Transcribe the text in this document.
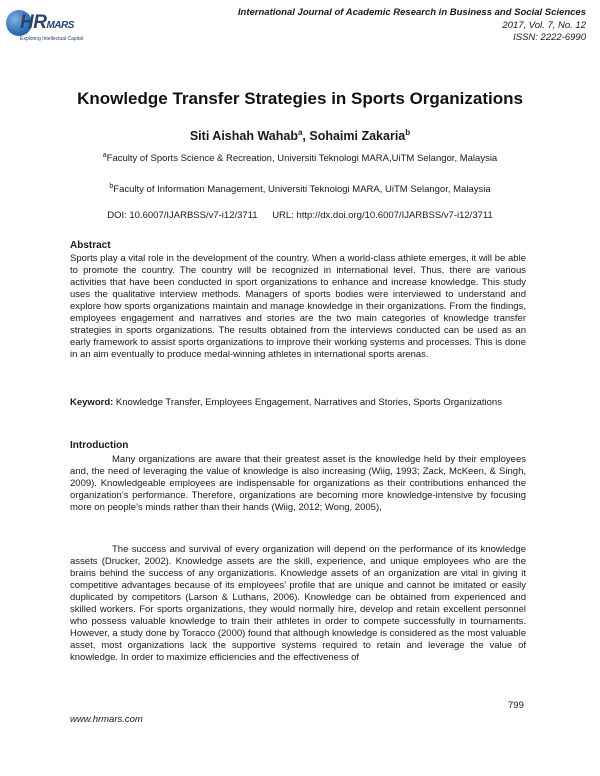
HRMARS
Exploring Intellectual Capital
International Journal of Academic Research in Business and Social Sciences
2017, Vol. 7, No. 12
ISSN: 2222-6990
Knowledge Transfer Strategies in Sports Organizations
Siti Aishah Wahab$^a$, Sohaimi Zakaria$^b$
$^a$Faculty of Sports Science & Recreation, Universiti Teknologi MARA,UiTM Selangor, Malaysia
$^b$Faculty of Information Management, Universiti Teknologi MARA, UiTM Selangor, Malaysia
DOI: 10.6007/IJARBSS/v7-i12/3711 URL: http://dx.doi.org/10.6007/IJARBSS/v7-i12/3711
Abstract
Sports play a vital role in the development of the country. When a world-class athlete emerges, it will be able to promote the country. The country will be recognized in international level. Thus, there are various activities that have been conducted in sport organizations to enhance and increase knowledge. This study uses the qualitative interview methods. Managers of sports bodies were interviewed to understand and explore how sports organizations maintain and manage knowledge in their organizations. From the findings, employees engagement and narratives and stories are the two main categories of knowledge transfer strategies in sports organizations. The results obtained from the interviews conducted can be used as an early framework to assist sports organizations to improve their working systems and processes. This is done in an aim eventually to produce medal-winning athletes in international sports arenas.
Keyword: Knowledge Transfer, Employees Engagement, Narratives and Stories, Sports Organizations
Introduction
Many organizations are aware that their greatest asset is the knowledge held by their employees and, the need of leveraging the value of knowledge is also increasing (Wiig, 1993; Zack, McKeen, & Singh, 2009). Knowledgeable employees are indispensable for organizations as their contributions enhanced the organization’s performance. Therefore, organizations are becoming more knowledge-intensive by focusing more on people’s minds rather than their hands (Wiig, 2012; Wong, 2005),
The success and survival of every organization will depend on the performance of its knowledge assets (Drucker, 2002). Knowledge assets are the skill, experience, and unique employees who are the brains behind the success of any organizations. Knowledge assets of an organization are vital in giving it competitive advantages because of its employees’ profile that are unique and cannot be imitated or easily duplicated by competitors (Larson & Luthans, 2006). Knowledge can be obtained from experienced and skilled workers. For sports organizations, they would normally hire, develop and retain excellent personnel who possess valuable knowledge to train their athletes in order to compete successfully in tournaments. However, a study done by Toracco (2000) found that although knowledge is considered as the most valuable asset, most organizations lack the supportive systems required to retain and leverage the value of knowledge. In order to maximize efficiencies and the effectiveness of
799
www.hrmars.com
